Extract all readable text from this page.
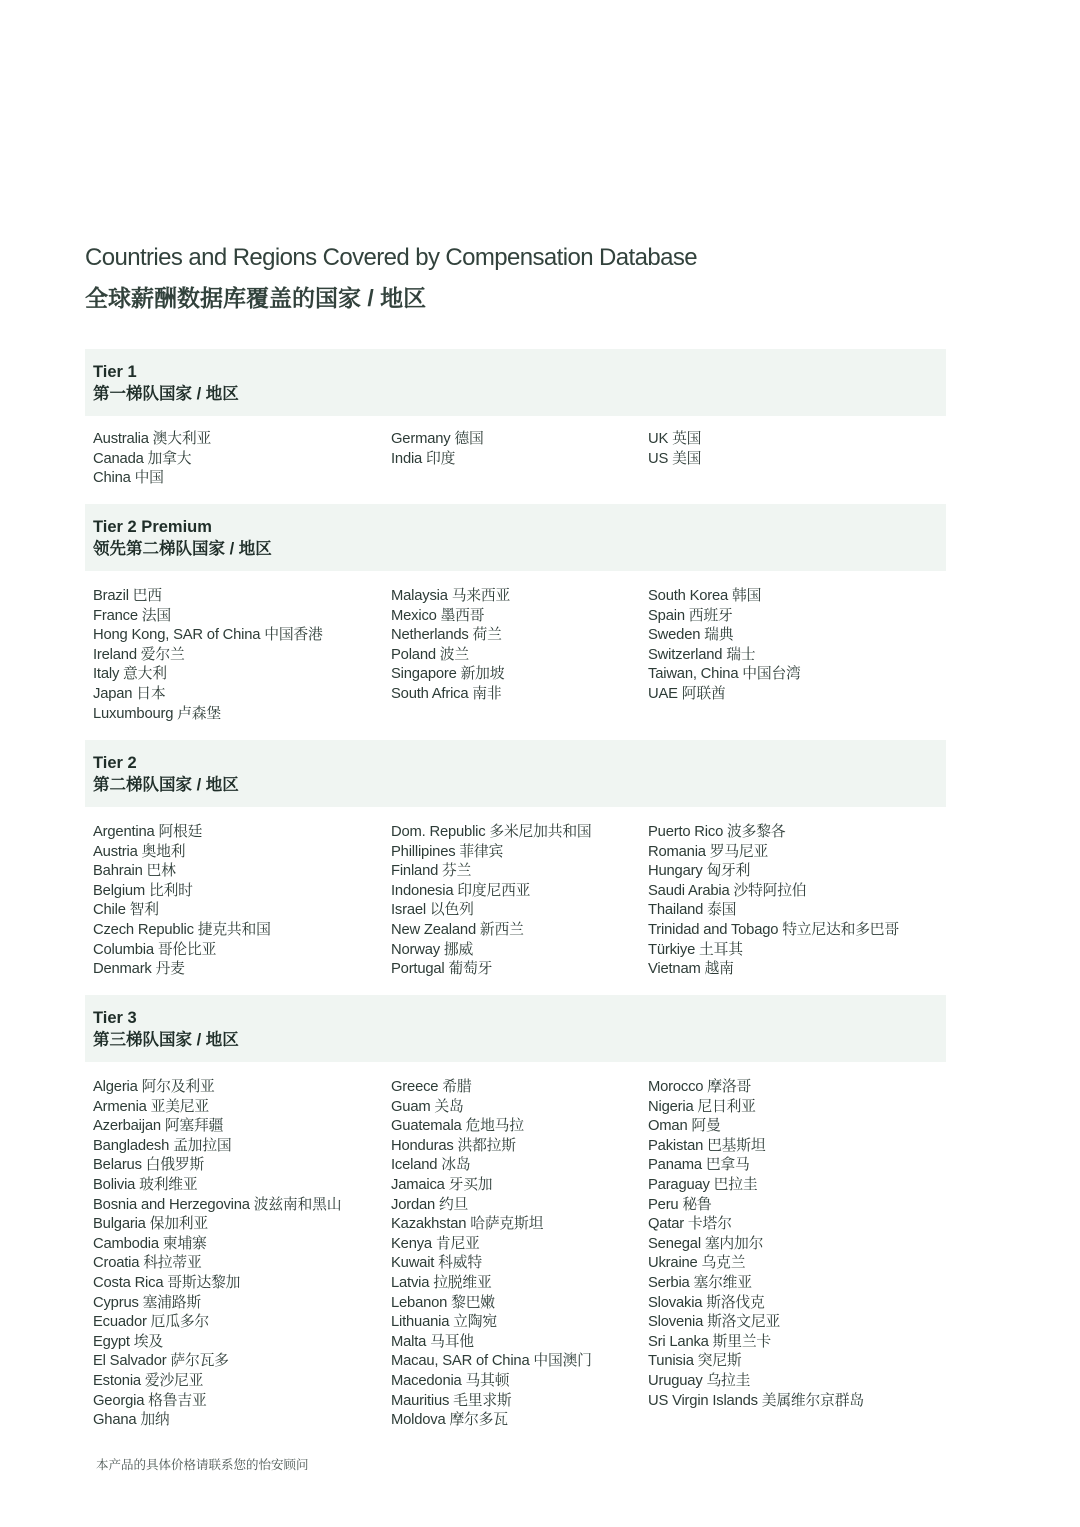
Countries and Regions Covered by Compensation Database
全球薪酬数据库覆盖的国家 / 地区
Tier 1
第一梯队国家 / 地区
Australia 澳大利亚
Canada 加拿大
China 中国
Germany 德国
India 印度
UK 英国
US 美国
Tier 2 Premium
领先第二梯队国家 / 地区
Brazil 巴西
France 法国
Hong Kong, SAR of China 中国香港
Ireland 爱尔兰
Italy 意大利
Japan 日本
Luxumbourg 卢森堡
Malaysia 马来西亚
Mexico 墨西哥
Netherlands 荷兰
Poland 波兰
Singapore 新加坡
South Africa 南非
South Korea 韩国
Spain 西班牙
Sweden 瑞典
Switzerland 瑞士
Taiwan, China 中国台湾
UAE 阿联酋
Tier 2
第二梯队国家 / 地区
Argentina 阿根廷
Austria 奥地利
Bahrain 巴林
Belgium 比利时
Chile 智利
Czech Republic 捷克共和国
Columbia 哥伦比亚
Denmark 丹麦
Dom. Republic 多米尼加共和国
Phillipines 菲律宾
Finland 芬兰
Indonesia 印度尼西亚
Israel 以色列
New Zealand 新西兰
Norway 挪威
Portugal 葡萄牙
Puerto Rico 波多黎各
Romania 罗马尼亚
Hungary 匈牙利
Saudi Arabia 沙特阿拉伯
Thailand 泰国
Trinidad and Tobago 特立尼达和多巴哥
Türkiye 土耳其
Vietnam 越南
Tier 3
第三梯队国家 / 地区
Algeria 阿尔及利亚
Armenia 亚美尼亚
Azerbaijan 阿塞拜疆
Bangladesh 孟加拉国
Belarus 白俄罗斯
Bolivia 玻利维亚
Bosnia and Herzegovina 波兹南和黑山
Bulgaria 保加利亚
Cambodia 柬埔寨
Croatia 科拉蒂亚
Costa Rica 哥斯达黎加
Cyprus 塞浦路斯
Ecuador 厄瓜多尔
Egypt 埃及
El Salvador 萨尔瓦多
Estonia 爱沙尼亚
Georgia 格鲁吉亚
Ghana 加纳
Greece 希腊
Guam 关岛
Guatemala 危地马拉
Honduras 洪都拉斯
Iceland 冰岛
Jamaica 牙买加
Jordan 约旦
Kazakhstan 哈萨克斯坦
Kenya 肯尼亚
Kuwait 科威特
Latvia 拉脱维亚
Lebanon 黎巴嫩
Lithuania 立陶宛
Malta 马耳他
Macau, SAR of China 中国澳门
Macedonia 马其顿
Mauritius 毛里求斯
Moldova 摩尔多瓦
Morocco 摩洛哥
Nigeria 尼日利亚
Oman 阿曼
Pakistan 巴基斯坦
Panama 巴拿马
Paraguay 巴拉圭
Peru 秘鲁
Qatar 卡塔尔
Senegal 塞内加尔
Ukraine 乌克兰
Serbia 塞尔维亚
Slovakia 斯洛伐克
Slovenia 斯洛文尼亚
Sri Lanka 斯里兰卡
Tunisia 突尼斯
Uruguay 乌拉圭
US Virgin Islands 美属维尔京群岛
本产品的具体价格请联系您的怡安顾问
